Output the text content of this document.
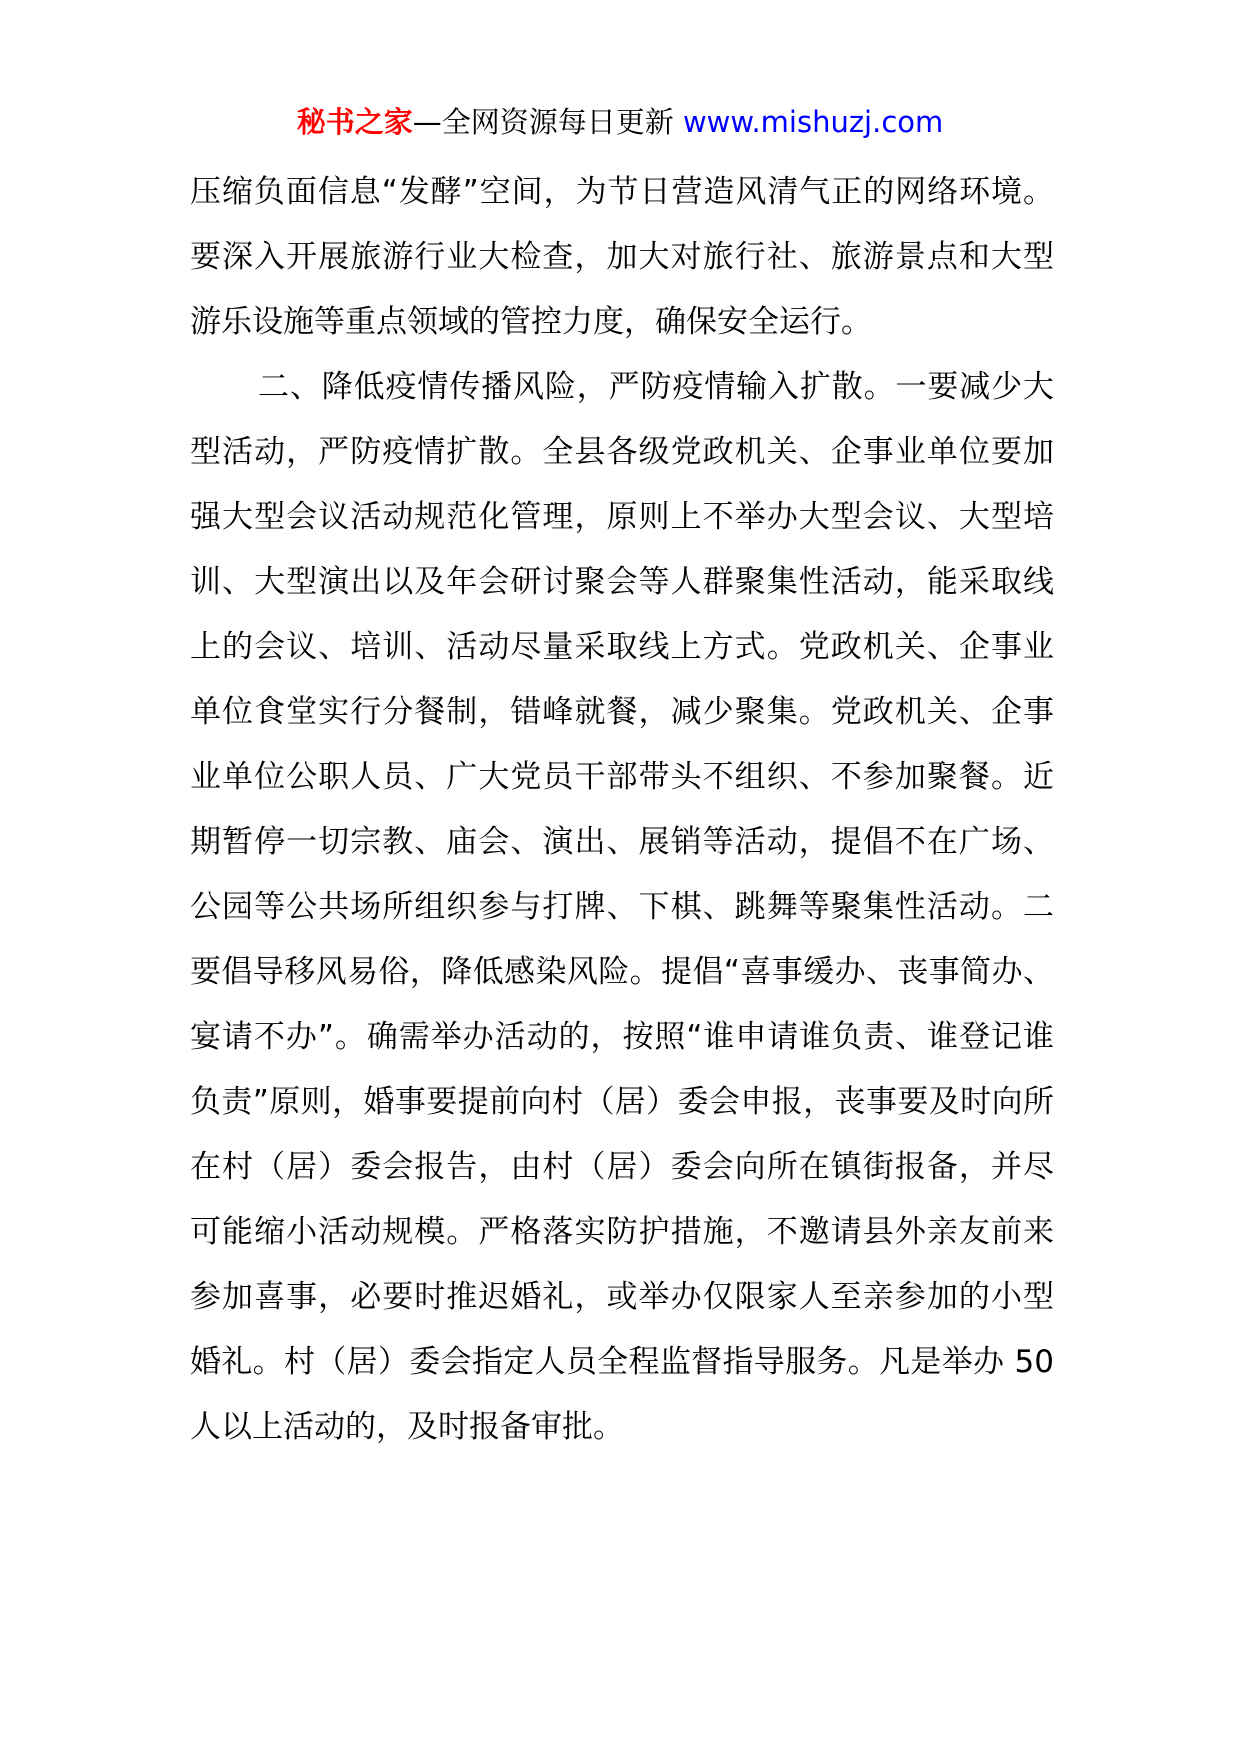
秘书之家—全网资源每日更新 www.mishuzj.com

压缩负面信息“发酵”空间，为节日营造风清气正的网络环境。要深入开展旅游行业大检查，加大对旅行社、旅游景点和大型游乐设施等重点领域的管控力度，确保安全运行。

二、降低疫情传播风险，严防疫情输入扩散。一要减少大型活动，严防疫情扩散。全县各级党政机关、企事业单位要加强大型会议活动规范化管理，原则上不举办大型会议、大型培训、大型演出以及年会研讨聚会等人群聚集性活动，能采取线上的会议、培训、活动尽量采取线上方式。党政机关、企事业单位食堂实行分餐制，错峰就餐，减少聚集。党政机关、企事业单位公职人员、广大党员干部带头不组织、不参加聚餐。近期暂停一切宗教、庙会、演出、展销等活动，提倡不在广场、公园等公共场所组织参与打牌、下棋、跳舞等聚集性活动。二要倡导移风易俗，降低感染风险。提倡“喜事缓办、丧事简办、宴请不办”。确需举办活动的，按照“谁申请谁负责、谁登记谁负责”原则，婚事要提前向村（居）委会申报，丧事要及时向所在村（居）委会报告，由村（居）委会向所在镇街报备，并尽可能缩小活动规模。严格落实防护措施，不邀请县外亲友前来参加喜事，必要时推迟婚礼，或举办仅限家人至亲参加的小型婚礼。村（居）委会指定人员全程监督指导服务。凡是举办 50 人以上活动的，及时报备审批。
